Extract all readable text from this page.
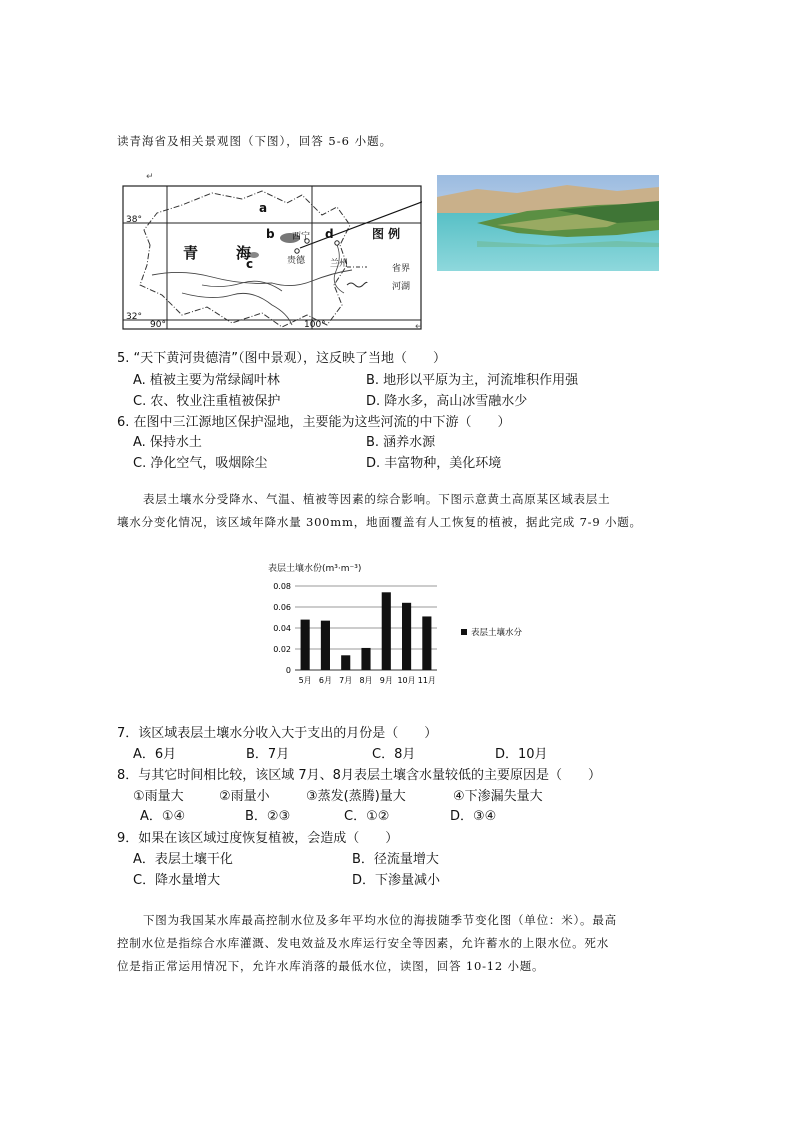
读青海省及相关景观图（下图），回答 5-6 小题。
↵
38°
32°
90°	100°
a
b
c
d
青	海
西宁
贵德	兰州
图 例
省界
河湖
↵
5. “天下黄河贵德清”（图中景观），这反映了当地（　　）
A. 植被主要为常绿阔叶林	B. 地形以平原为主，河流堆积作用强
C. 农、牧业注重植被保护	D. 降水多，高山冰雪融水少
6. 在图中三江源地区保护湿地，主要能为这些河流的中下游（　　）
A. 保持水土	B. 涵养水源
C. 净化空气，吸烟除尘	D. 丰富物种，美化环境
表层土壤水分受降水、气温、植被等因素的综合影响。下图示意黄土高原某区域表层土
壤水分变化情况，该区域年降水量 300mm，地面覆盖有人工恢复的植被，据此完成 7-9 小题。
表层土壤水份(m³·m⁻³)
0.08
0.06
0.04
0.02
0
5月 6月 7月 8月 9月 10月 11月
表层土壤水分
7．该区域表层土壤水分收入大于支出的月份是（　　）
A．6月	B．7月	C．8月	D．10月
8．与其它时间相比较，该区域 7月、8月表层土壤含水量较低的主要原因是（　　）
①雨量大	②雨量小	③蒸发(蒸腾)量大	④下渗漏失量大
A．①④	B．②③	C．①②	D．③④
9．如果在该区域过度恢复植被，会造成（　　）
A．表层土壤干化	B．径流量增大
C．降水量增大	D．下渗量减小
下图为我国某水库最高控制水位及多年平均水位的海拔随季节变化图（单位：米）。最高
控制水位是指综合水库灌溉、发电效益及水库运行安全等因素，允许蓄水的上限水位。死水
位是指正常运用情况下，允许水库消落的最低水位，读图，回答 10-12 小题。
